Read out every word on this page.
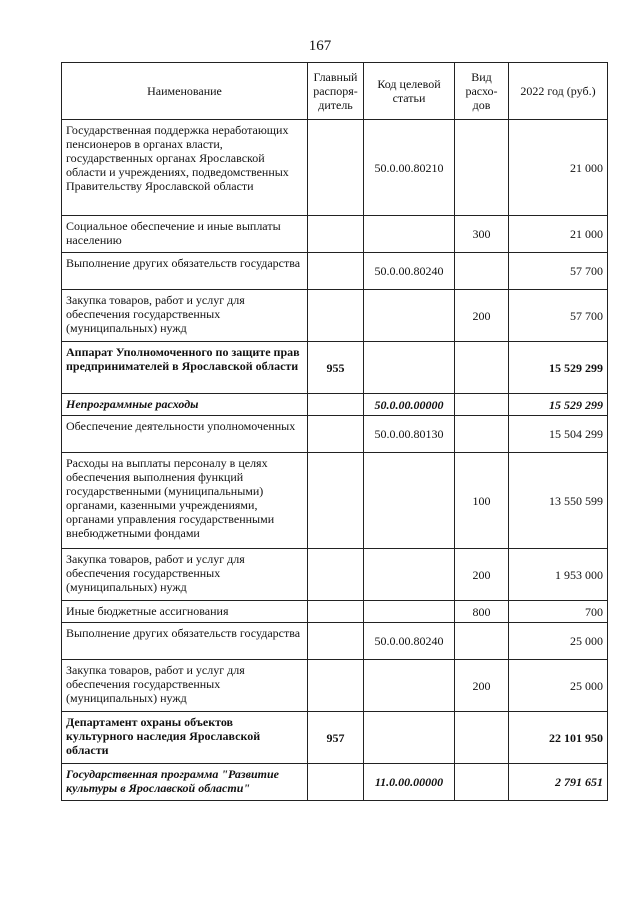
167
Наименование	Главный распоря-дитель	Код целевой статьи	Вид расхо-дов	2022 год (руб.)
Государственная поддержка неработающих пенсионеров в органах власти, государственных органах Ярославской области и учреждениях, подведомственных Правительству Ярославской области		50.0.00.80210		21 000
Социальное обеспечение и иные выплаты населению			300	21 000
Выполнение других обязательств государства		50.0.00.80240		57 700
Закупка товаров, работ и услуг для обеспечения государственных (муниципальных) нужд			200	57 700
Аппарат Уполномоченного по защите прав предпринимателей в Ярославской области	955			15 529 299
Непрограммные расходы		50.0.00.00000		15 529 299
Обеспечение деятельности уполномоченных		50.0.00.80130		15 504 299
Расходы на выплаты персоналу в целях обеспечения выполнения функций государственными (муниципальными) органами, казенными учреждениями, органами управления государственными внебюджетными фондами			100	13 550 599
Закупка товаров, работ и услуг для обеспечения государственных (муниципальных) нужд			200	1 953 000
Иные бюджетные ассигнования			800	700
Выполнение других обязательств государства		50.0.00.80240		25 000
Закупка товаров, работ и услуг для обеспечения государственных (муниципальных) нужд			200	25 000
Департамент охраны объектов культурного наследия Ярославской области	957			22 101 950
Государственная программа "Развитие культуры в Ярославской области"		11.0.00.00000		2 791 651
